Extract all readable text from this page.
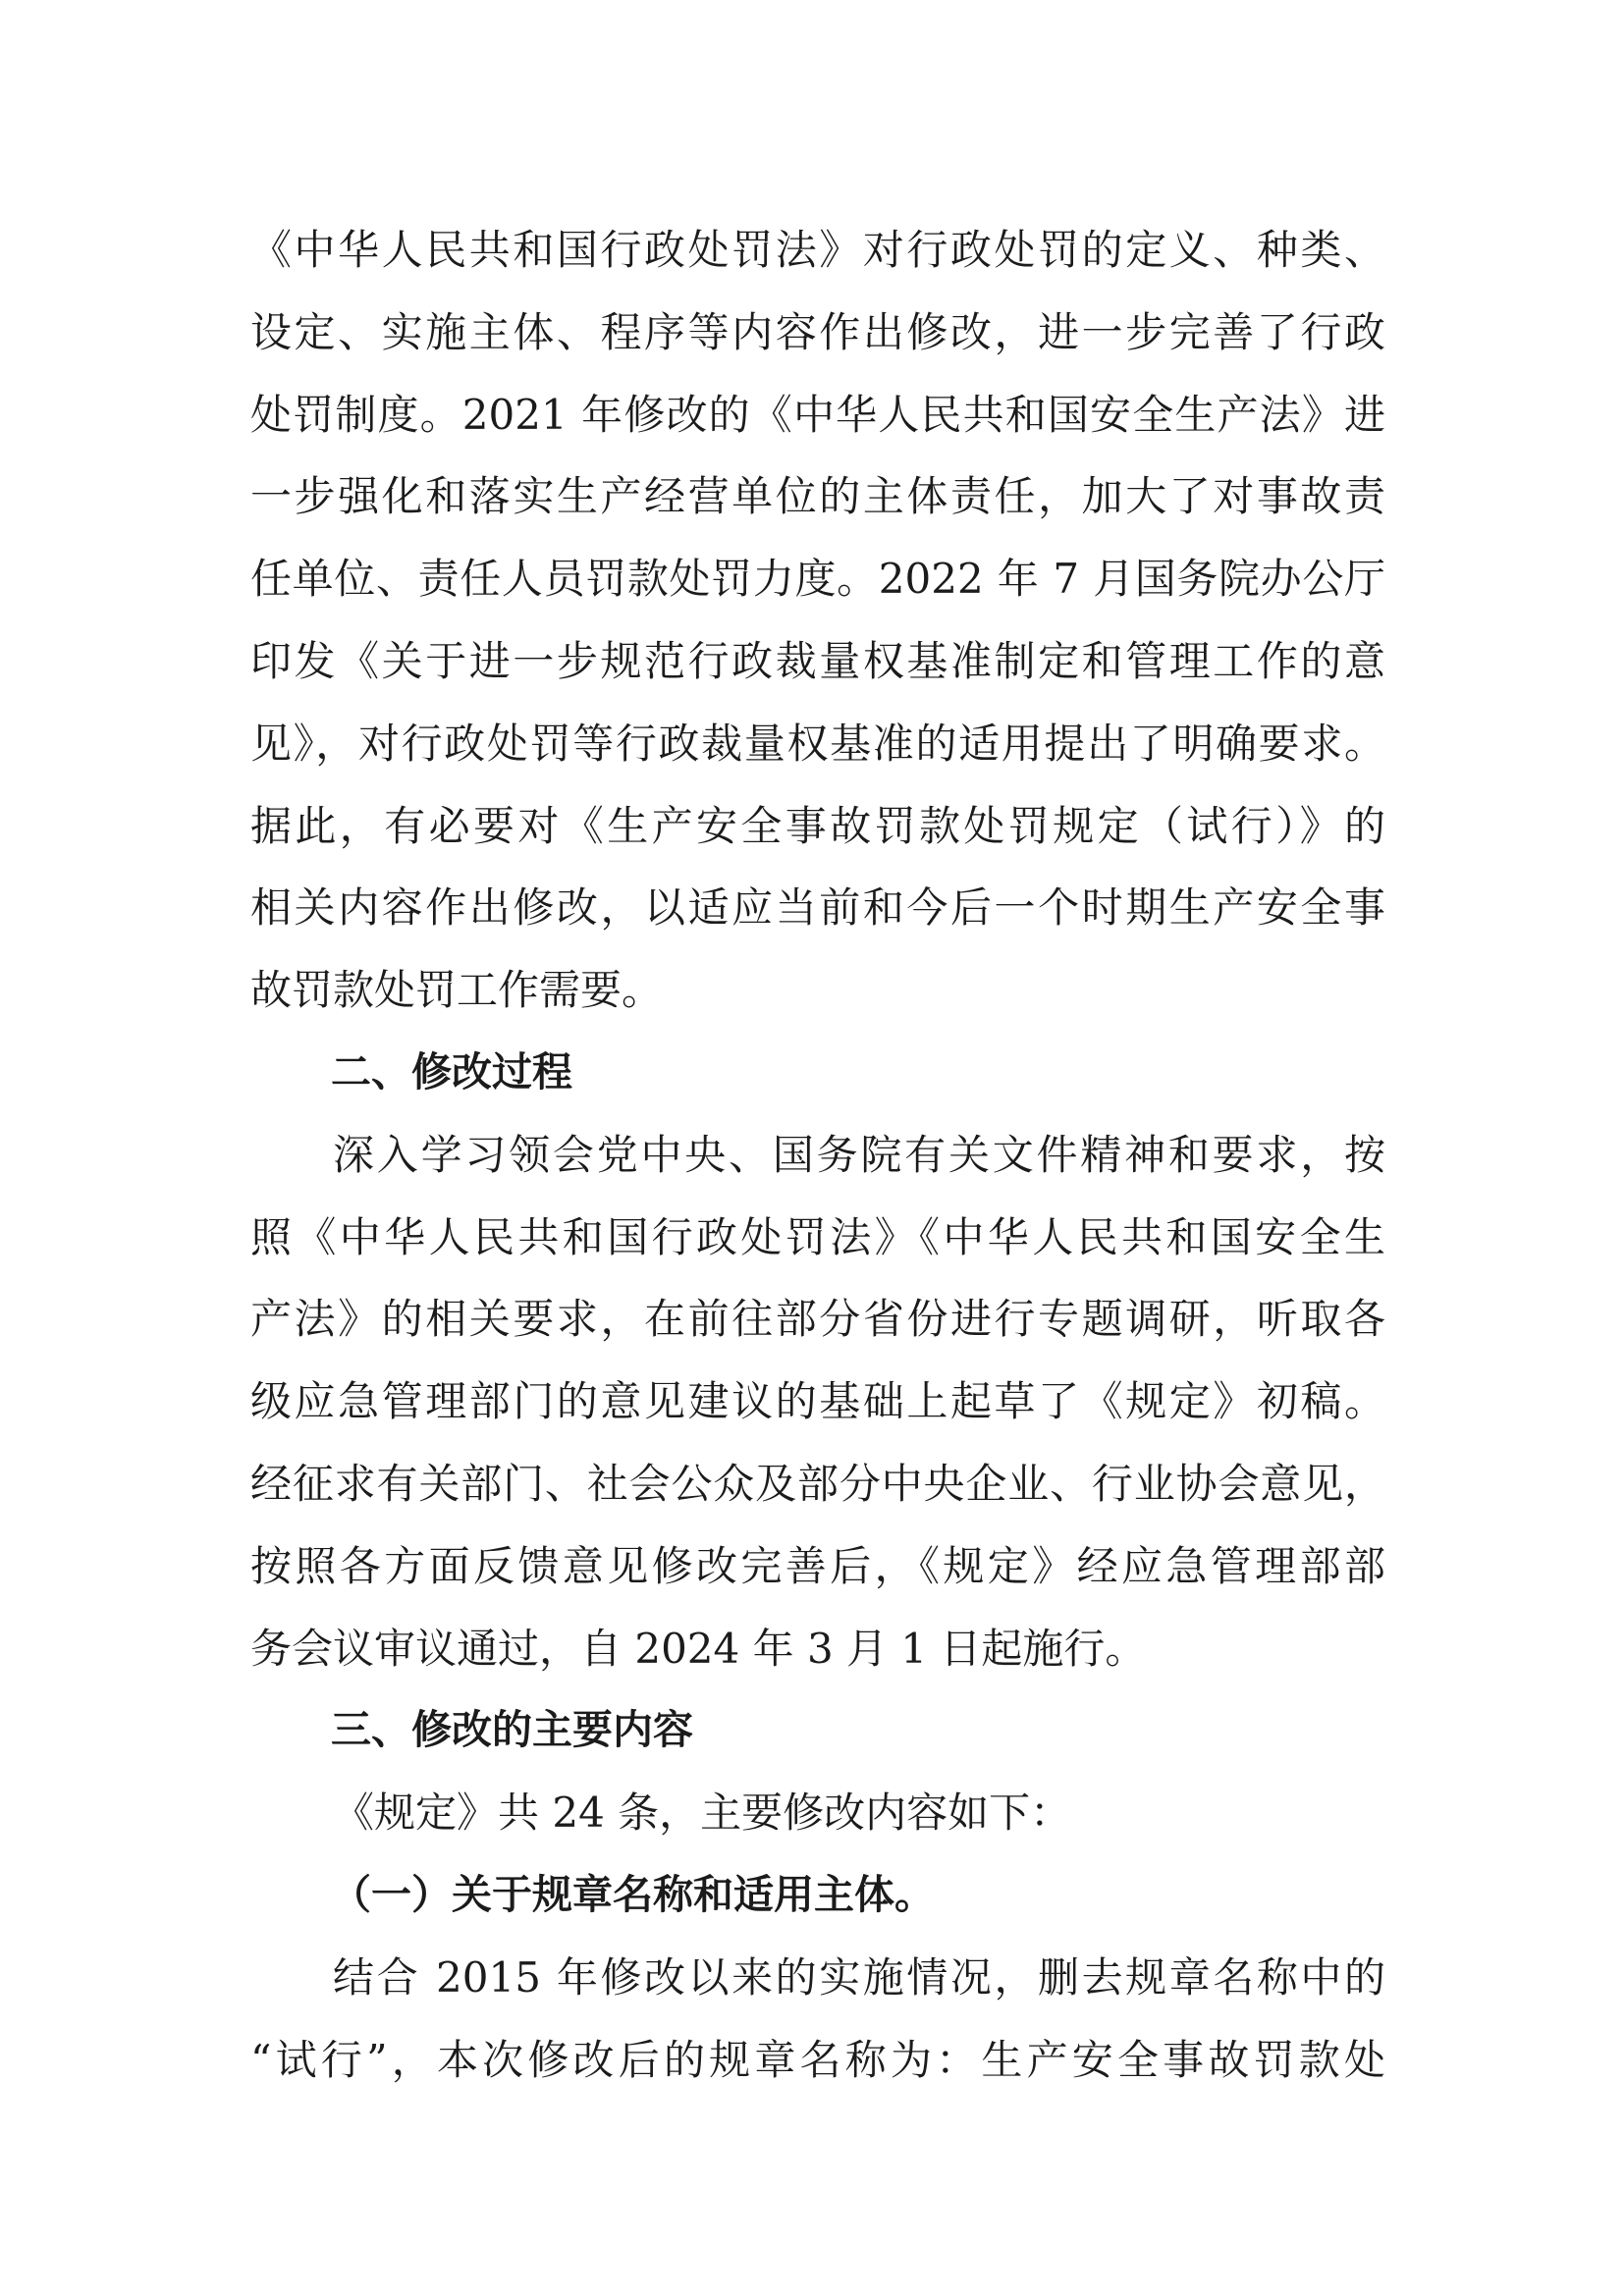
《中华人民共和国行政处罚法》对行政处罚的定义、种类、
设定、实施主体、程序等内容作出修改，进一步完善了行政
处罚制度。2021 年修改的《中华人民共和国安全生产法》进
一步强化和落实生产经营单位的主体责任，加大了对事故责
任单位、责任人员罚款处罚力度。2022 年 7 月国务院办公厅
印发《关于进一步规范行政裁量权基准制定和管理工作的意
见》，对行政处罚等行政裁量权基准的适用提出了明确要求。
据此，有必要对《生产安全事故罚款处罚规定（试行）》的
相关内容作出修改，以适应当前和今后一个时期生产安全事
故罚款处罚工作需要。
二、修改过程
深入学习领会党中央、国务院有关文件精神和要求，按
照《中华人民共和国行政处罚法》《中华人民共和国安全生
产法》的相关要求，在前往部分省份进行专题调研，听取各
级应急管理部门的意见建议的基础上起草了《规定》初稿。
经征求有关部门、社会公众及部分中央企业、行业协会意见，
按照各方面反馈意见修改完善后，《规定》经应急管理部部
务会议审议通过，自 2024 年 3 月 1 日起施行。
三、修改的主要内容
《规定》共 24 条，主要修改内容如下：
（一）关于规章名称和适用主体。
结合 2015 年修改以来的实施情况，删去规章名称中的
“试行”，本次修改后的规章名称为：生产安全事故罚款处
